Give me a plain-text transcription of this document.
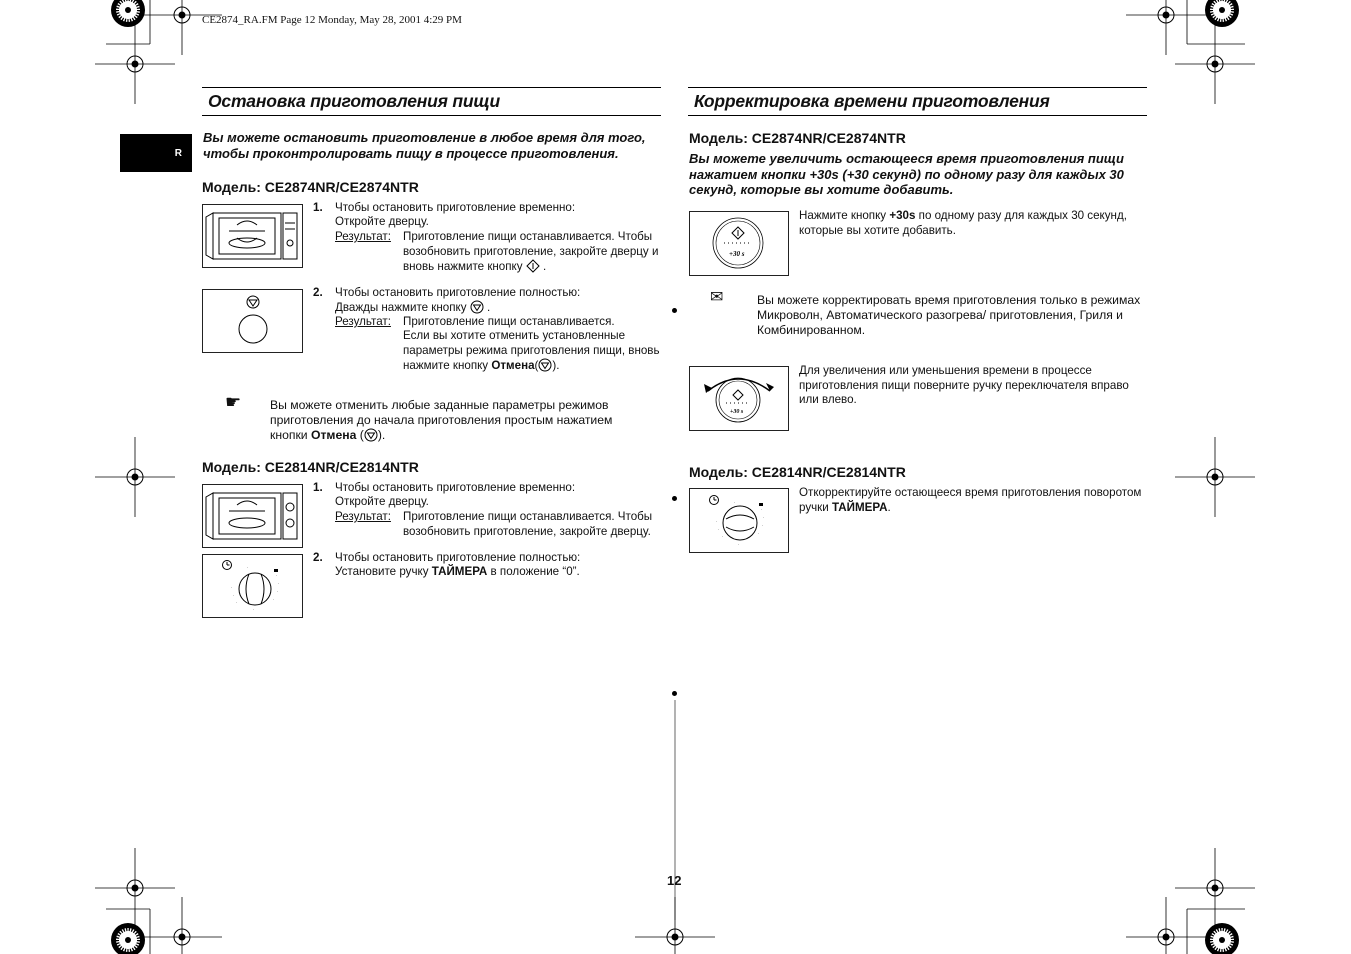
CE2874_RA.FM Page 12 Monday, May 28, 2001 4:29 PM
R
Остановка приготовления пищи
Вы можете остановить приготовление в любое время для того, чтобы проконтролировать пищу в процессе приготовления.
Модель: CE2874NR/CE2874NTR
1. Чтобы остановить приготовление временно:
Откройте дверцу.
Результат: Приготовление пищи останавливается. Чтобы возобновить приготовление, закройте дверцу и вновь нажмите кнопку .
2. Чтобы остановить приготовление полностью:
Дважды нажмите кнопку .
Результат: Приготовление пищи останавливается.
Если вы хотите отменить установленные параметры режима приготовления пищи, вновь нажмите кнопку Отмена( ).
☛ Вы можете отменить любые заданные параметры режимов приготовления до начала приготовления простым нажатием кнопки Отмена ( ).
Модель: CE2814NR/CE2814NTR
1. Чтобы остановить приготовление временно:
Откройте дверцу.
Результат: Приготовление пищи останавливается. Чтобы возобновить приготовление, закройте дверцу.
·
·
·
·
·
·
·
·
·
2. Чтобы остановить приготовление полностью:
Установите ручку ТАЙМЕРА в положение “0”.
Корректировка времени приготовления
Модель: CE2874NR/CE2874NTR
Вы можете увеличить остающееся время приготовления пищи нажатием кнопки +30s (+30 секунд) по одному разу для каждых 30 секунд, которые вы хотите добавить.
+30 s
Нажмите кнопку +30s по одному разу для каждых 30 секунд, которые вы хотите добавить.
✉	Вы можете корректировать время приготовления только в режимах Микроволн, Автоматического разогрева/ приготовления, Гриля и Комбинированном.
+30 s
Для увеличения или уменьшения времени в процессе приготовления пищи поверните ручку переключателя вправо или влево.
Модель: CE2814NR/CE2814NTR
·
·
·
·
·
·
·
·
·
Откорректируйте остающееся время приготовления поворотом ручки ТАЙМЕРА.
12
